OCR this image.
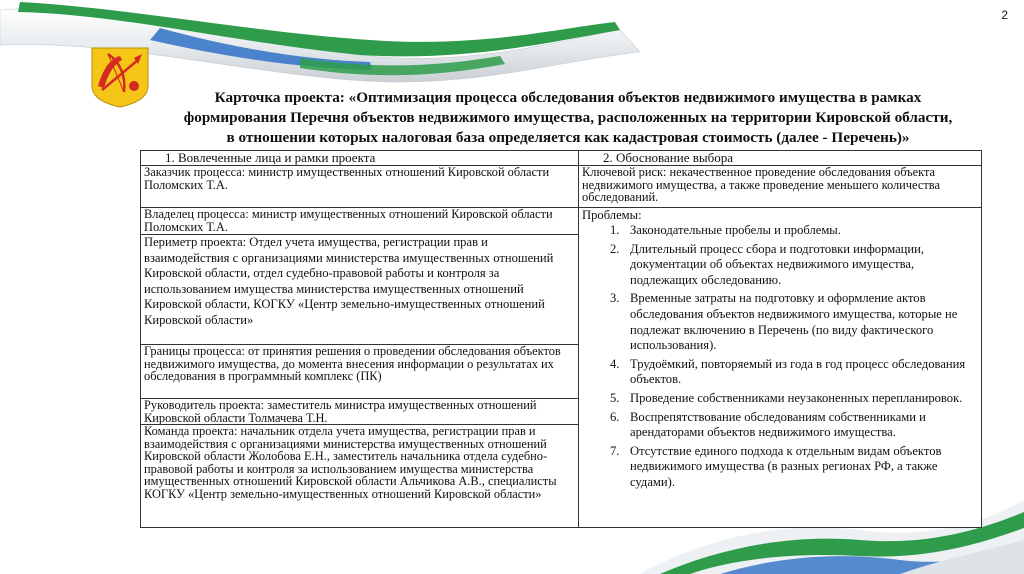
2
Карточка проекта: «Оптимизация процесса обследования объектов недвижимого имущества в рамках
формирования Перечня объектов недвижимого имущества, расположенных на территории Кировской области,
в отношении которых налоговая база определяется как кадастровая стоимость (далее - Перечень)»
1. Вовлеченные лица и рамки проекта
Заказчик процесса: министр имущественных отношений Кировской области Поломских Т.А.
Владелец процесса: министр имущественных отношений Кировской области Поломских Т.А.
Периметр проекта: Отдел учета имущества, регистрации прав и взаимодействия с организациями министерства имущественных отношений Кировской области, отдел судебно-правовой работы и контроля за использованием имущества министерства имущественных отношений Кировской области, КОГКУ «Центр земельно-имущественных отношений Кировской области»
Границы процесса: от принятия решения о проведении обследования объектов недвижимого имущества, до момента внесения информации о результатах их обследования в программный комплекс (ПК)
Руководитель проекта: заместитель министра имущественных отношений Кировской области Толмачева Т.Н.
Команда проекта: начальник отдела учета имущества, регистрации прав и взаимодействия с организациями министерства имущественных отношений Кировской области Жолобова Е.Н., заместитель начальника отдела судебно-правовой работы и контроля за использованием имущества министерства имущественных отношений Кировской области Альчикова А.В., специалисты КОГКУ «Центр земельно-имущественных отношений Кировской области»
2. Обоснование выбора
Ключевой риск: некачественное проведение обследования объекта недвижимого имущества, а также проведение меньшего количества обследований.
Проблемы:
1. Законодательные пробелы и проблемы.
2. Длительный процесс сбора и подготовки информации, документации об объектах недвижимого имущества, подлежащих обследованию.
3. Временные затраты на подготовку и оформление актов обследования объектов недвижимого имущества, которые не подлежат включению в Перечень (по виду фактического использования).
4. Трудоёмкий, повторяемый из года в год процесс обследования объектов.
5. Проведение собственниками неузаконенных перепланировок.
6. Воспрепятствование обследованиям собственниками и арендаторами объектов недвижимого имущества.
7. Отсутствие единого подхода к отдельным видам объектов недвижимого имущества (в разных регионах РФ, а также судами).
